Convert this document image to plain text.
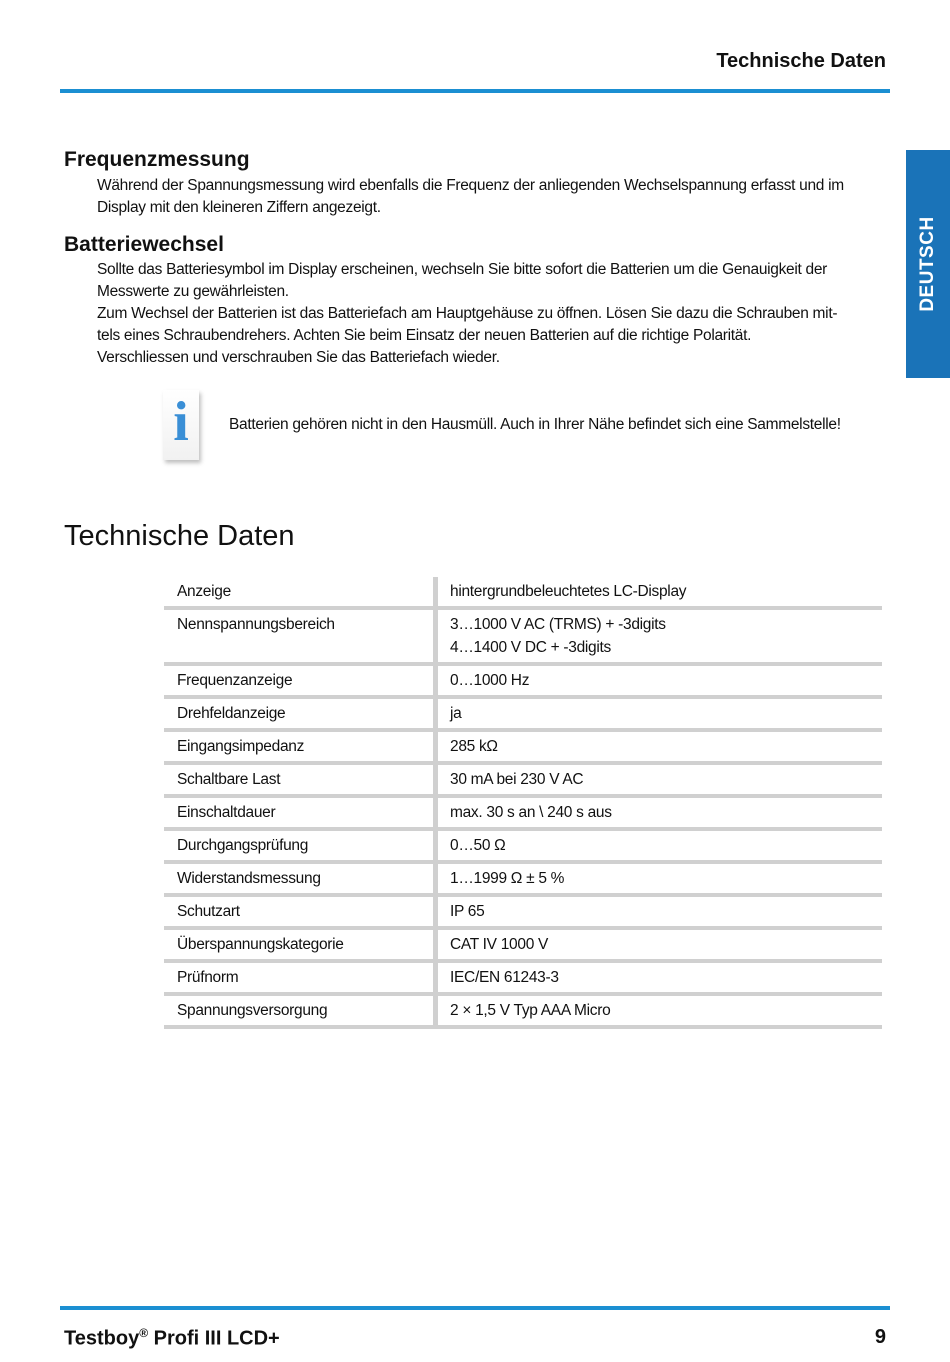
Technische Daten
DEUTSCH
Frequenzmessung

Während der Spannungsmessung wird ebenfalls die Frequenz der anliegenden Wechselspannung erfasst und im

Display mit den kleineren Ziffern angezeigt.

Batteriewechsel

Sollte das Batteriesymbol im Display erscheinen, wechseln Sie bitte sofort die Batterien um die Genauigkeit der

Messwerte zu gewährleisten.

Zum Wechsel der Batterien ist das Batteriefach am Hauptgehäuse zu öffnen. Lösen Sie dazu die Schrauben mit-

tels eines Schraubendrehers. Achten Sie beim Einsatz der neuen Batterien auf die richtige Polarität.

Verschliessen und verschrauben Sie das Batteriefach wieder.

i	Batterien gehören nicht in den Hausmüll. Auch in Ihrer Nähe befindet sich eine Sammelstelle!
Technische Daten
Anzeige	hintergrundbeleuchtetes LC-Display
Nennspannungsbereich	3…1000 V AC (TRMS) + -3digits
4…1400 V DC + -3digits
Frequenzanzeige	0…1000 Hz
Drehfeldanzeige	ja
Eingangsimpedanz	285 kΩ
Schaltbare Last	30 mA bei 230 V AC
Einschaltdauer	max. 30 s an \ 240 s aus
Durchgangsprüfung	0…50 Ω
Widerstandsmessung	1…1999 Ω ± 5 %
Schutzart	IP 65
Überspannungskategorie	CAT IV 1000 V
Prüfnorm	IEC/EN 61243-3
Spannungsversorgung	2 × 1,5 V Typ AAA Micro
Testboy® Profi III LCD+	9
